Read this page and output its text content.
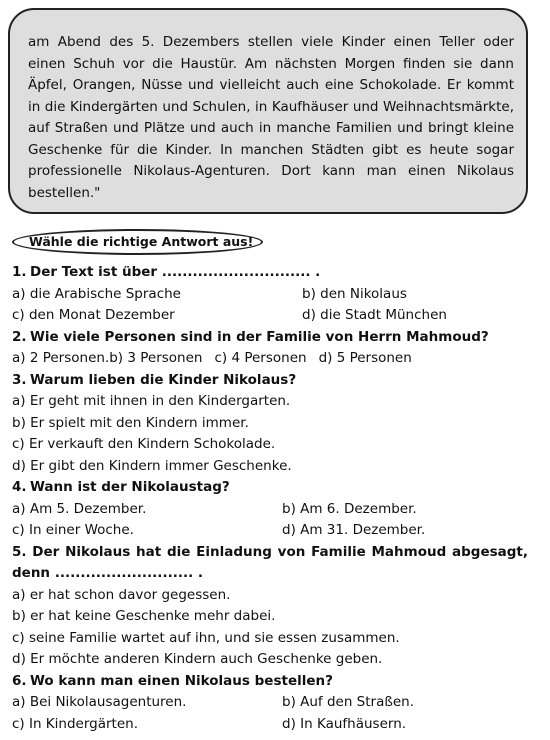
am Abend des 5. Dezembers stellen viele Kinder einen Teller oder einen Schuh vor die Haustür. Am nächsten Morgen finden sie dann Äpfel, Orangen, Nüsse und vielleicht auch eine Schokolade. Er kommt in die Kindergärten und Schulen, in Kaufhäuser und Weihnachtsmärkte, auf Straßen und Plätze und auch in manche Familien und bringt kleine Geschenke für die Kinder. In manchen Städten gibt es heute sogar professionelle Nikolaus-Agenturen. Dort kann man einen Nikolaus bestellen."

Wähle die richtige Antwort aus!
1. Der Text ist über ............................. .
a) die Arabische Sprache	b) den Nikolaus
c) den Monat Dezember	d) die Stadt München
2. Wie viele Personen sind in der Familie von Herrn Mahmoud?
a) 2 Personen. b) 3 Personen c) 4 Personen d) 5 Personen
3. Warum lieben die Kinder Nikolaus?
a) Er geht mit ihnen in den Kindergarten.
b) Er spielt mit den Kindern immer.
c) Er verkauft den Kindern Schokolade.
d) Er gibt den Kindern immer Geschenke.
4. Wann ist der Nikolaustag?
a) Am 5. Dezember.	b) Am 6. Dezember.
c) In einer Woche.	d) Am 31. Dezember.
5. Der Nikolaus hat die Einladung von Familie Mahmoud abgesagt, denn ........................... .
a) er hat schon davor gegessen.
b) er hat keine Geschenke mehr dabei.
c) seine Familie wartet auf ihn, und sie essen zusammen.
d) Er möchte anderen Kindern auch Geschenke geben.
6. Wo kann man einen Nikolaus bestellen?
a) Bei Nikolausagenturen.	b) Auf den Straßen.
c) In Kindergärten.	d) In Kaufhäusern.
